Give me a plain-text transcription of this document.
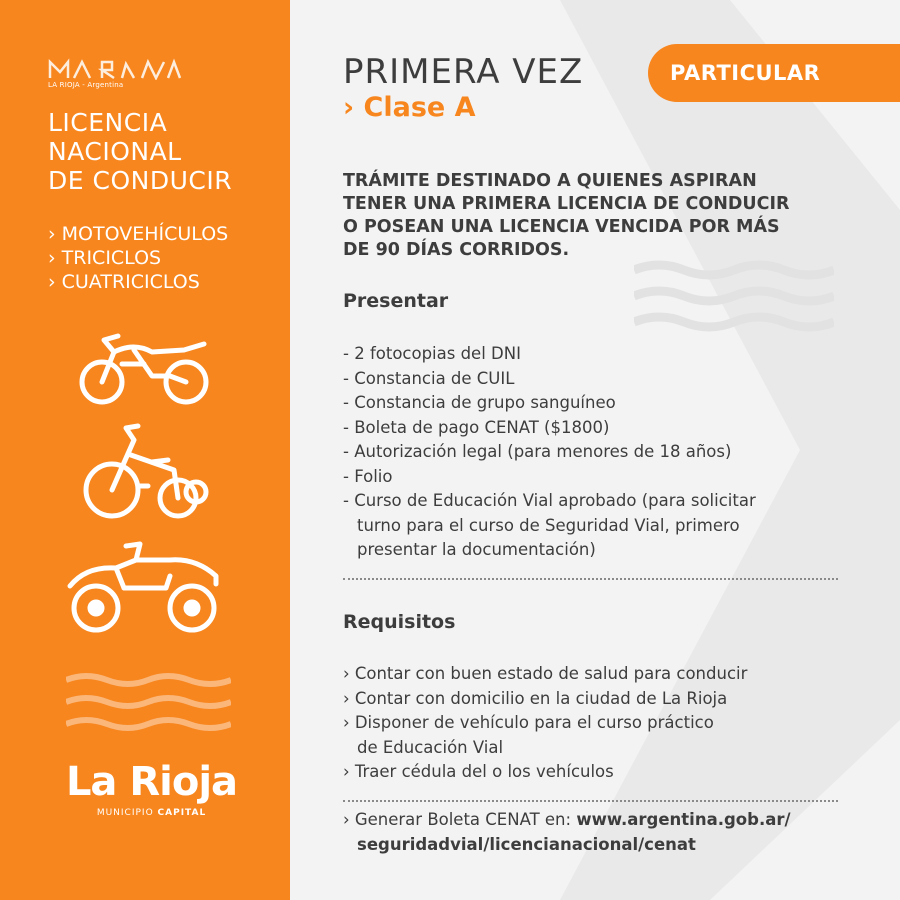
LA RIOJA - Argentina
LICENCIA
NACIONAL
DE CONDUCIR
› MOTOVEHÍCULOS
› TRICICLOS
› CUATRICICLOS
La Rioja
MUNICIPIO CAPITAL
PRIMERA VEZ
› Clase A
PARTICULAR
TRÁMITE DESTINADO A QUIENES ASPIRAN
TENER UNA PRIMERA LICENCIA DE CONDUCIR
O POSEAN UNA LICENCIA VENCIDA POR MÁS
DE 90 DÍAS CORRIDOS.
Presentar
- 2 fotocopias del DNI
- Constancia de CUIL
- Constancia de grupo sanguíneo
- Boleta de pago CENAT ($1800)
- Autorización legal (para menores de 18 años)
- Folio
- Curso de Educación Vial aprobado (para solicitar
turno para el curso de Seguridad Vial, primero
presentar la documentación)
Requisitos
› Contar con buen estado de salud para conducir
› Contar con domicilio en la ciudad de La Rioja
› Disponer de vehículo para el curso práctico
de Educación Vial
› Traer cédula del o los vehículos
› Generar Boleta CENAT en: www.argentina.gob.ar/
seguridadvial/licencianacional/cenat
